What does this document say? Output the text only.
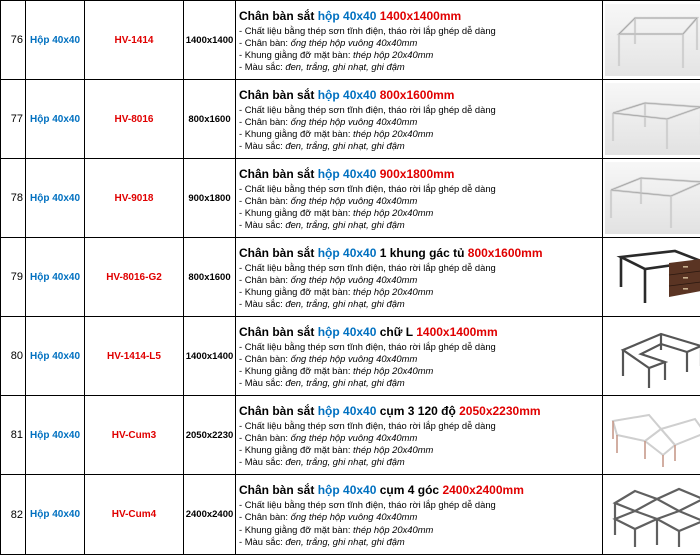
76	Hộp 40x40	HV-1414	1400x1400	Chân bàn sắt hộp 40x40 1400x1400mm
- Chất liệu bằng thép sơn tĩnh điện, tháo rời lắp ghép dễ dàng
- Chân bàn: ống thép hộp vuông 40x40mm
- Khung giằng đỡ mặt bàn: thép hộp 20x40mm
- Màu sắc: đen, trắng, ghi nhạt, ghi đậm

77	Hộp 40x40	HV-8016	800x1600	Chân bàn sắt hộp 40x40 800x1600mm
- Chất liệu bằng thép sơn tĩnh điện, tháo rời lắp ghép dễ dàng
- Chân bàn: ống thép hộp vuông 40x40mm
- Khung giằng đỡ mặt bàn: thép hộp 20x40mm
- Màu sắc: đen, trắng, ghi nhạt, ghi đậm

78	Hộp 40x40	HV-9018	900x1800	Chân bàn sắt hộp 40x40 900x1800mm
- Chất liệu bằng thép sơn tĩnh điện, tháo rời lắp ghép dễ dàng
- Chân bàn: ống thép hộp vuông 40x40mm
- Khung giằng đỡ mặt bàn: thép hộp 20x40mm
- Màu sắc: đen, trắng, ghi nhạt, ghi đậm

79	Hộp 40x40	HV-8016-G2	800x1600	Chân bàn sắt hộp 40x40 1 khung gác tủ 800x1600mm
- Chất liệu bằng thép sơn tĩnh điện, tháo rời lắp ghép dễ dàng
- Chân bàn: ống thép hộp vuông 40x40mm
- Khung giằng đỡ mặt bàn: thép hộp 20x40mm
- Màu sắc: đen, trắng, ghi nhạt, ghi đậm

80	Hộp 40x40	HV-1414-L5	1400x1400	Chân bàn sắt hộp 40x40 chữ L 1400x1400mm
- Chất liệu bằng thép sơn tĩnh điện, tháo rời lắp ghép dễ dàng
- Chân bàn: ống thép hộp vuông 40x40mm
- Khung giằng đỡ mặt bàn: thép hộp 20x40mm
- Màu sắc: đen, trắng, ghi nhạt, ghi đậm

81	Hộp 40x40	HV-Cum3	2050x2230	Chân bàn sắt hộp 40x40 cụm 3 120 độ 2050x2230mm
- Chất liệu bằng thép sơn tĩnh điện, tháo rời lắp ghép dễ dàng
- Chân bàn: ống thép hộp vuông 40x40mm
- Khung giằng đỡ mặt bàn: thép hộp 20x40mm
- Màu sắc: đen, trắng, ghi nhạt, ghi đậm

82	Hộp 40x40	HV-Cum4	2400x2400	Chân bàn sắt hộp 40x40 cụm 4 góc 2400x2400mm
- Chất liệu bằng thép sơn tĩnh điện, tháo rời lắp ghép dễ dàng
- Chân bàn: ống thép hộp vuông 40x40mm
- Khung giằng đỡ mặt bàn: thép hộp 20x40mm
- Màu sắc: đen, trắng, ghi nhạt, ghi đậm
